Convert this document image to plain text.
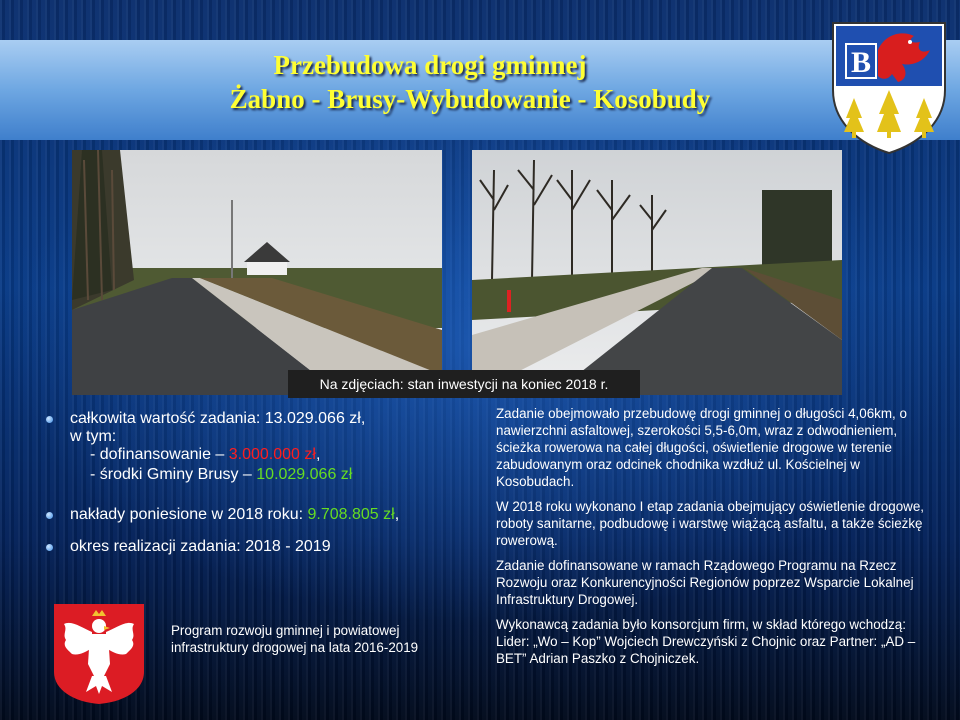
Przebudowa drogi gminnej
Żabno - Brusy-Wybudowanie - Kosobudy
B
Na zdjęciach: stan inwestycji na koniec 2018 r.
całkowita wartość zadania: 13.029.066 zł,
w tym:
- dofinansowanie – 3.000.000 zł,
- środki Gminy Brusy – 10.029.066 zł
nakłady poniesione w 2018 roku: 9.708.805 zł,
okres realizacji zadania: 2018 - 2019

Zadanie obejmowało przebudowę drogi gminnej o długości 4,06km, o nawierzchni asfaltowej, szerokości 5,5-6,0m, wraz z odwodnieniem, ścieżka rowerowa na całej długości, oświetlenie drogowe w terenie zabudowanym oraz odcinek chodnika wzdłuż ul. Kościelnej w Kosobudach.

W 2018 roku wykonano I etap zadania obejmujący oświetlenie drogowe, roboty sanitarne, podbudowę i warstwę wiążącą asfaltu, a także ścieżkę rowerową.

Zadanie dofinansowane w ramach Rządowego Programu na Rzecz Rozwoju oraz Konkurencyjności Regionów poprzez Wsparcie Lokalnej Infrastruktury Drogowej.

Wykonawcą zadania było konsorcjum firm, w skład którego wchodzą: Lider: „Wo – Kop” Wojciech Drewczyński z Chojnic oraz Partner: „AD – BET” Adrian Paszko z Chojniczek.

Program rozwoju gminnej i powiatowej infrastruktury drogowej na lata 2016-2019
